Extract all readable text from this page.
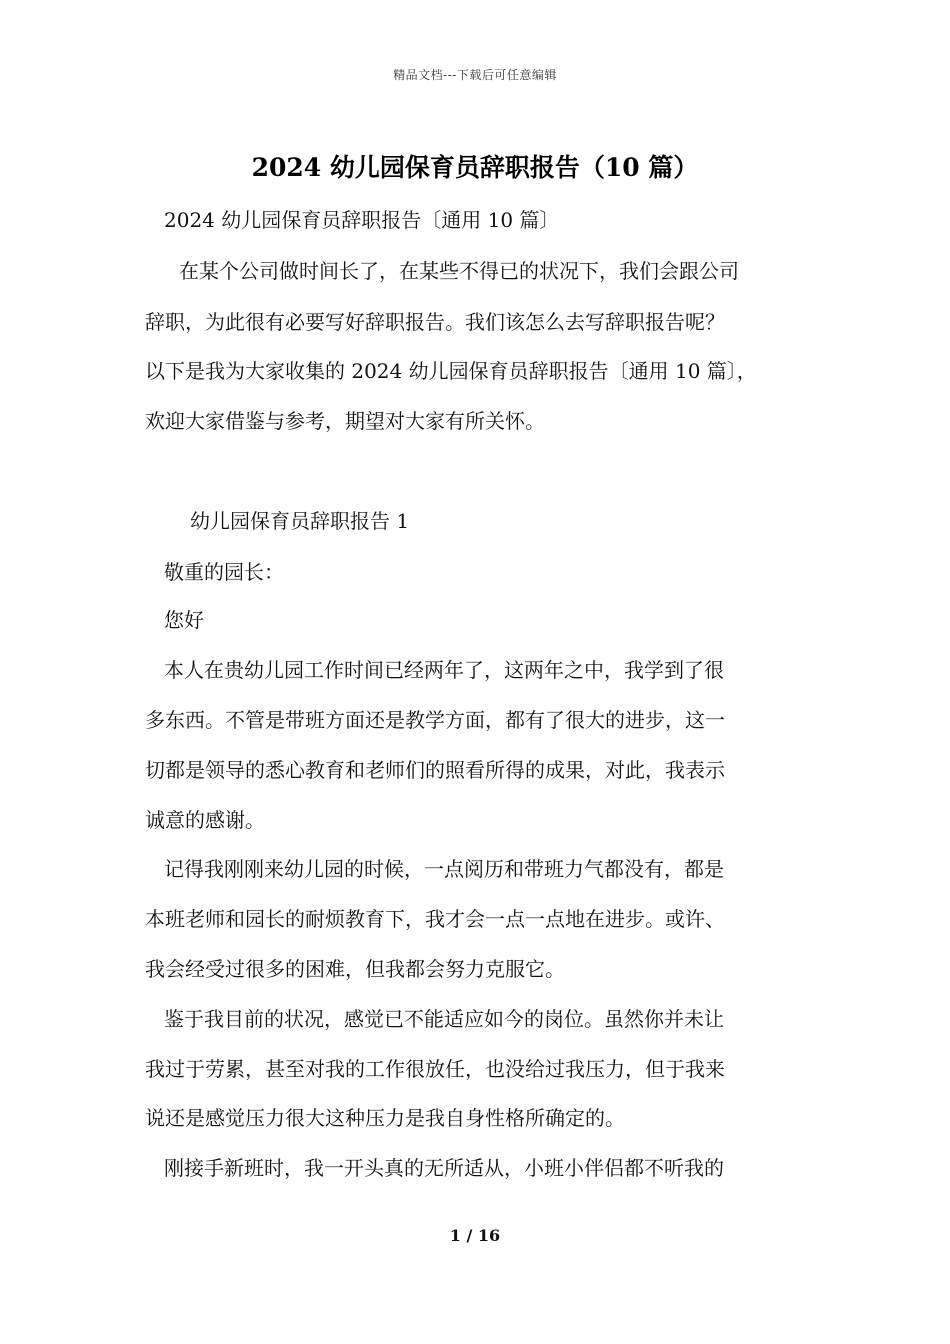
精品文档---下载后可任意编辑
2024 幼儿园保育员辞职报告（10 篇）
2024 幼儿园保育员辞职报告〔通用 10 篇〕
在某个公司做时间长了，在某些不得已的状况下，我们会跟公司
辞职，为此很有必要写好辞职报告。我们该怎么去写辞职报告呢？
以下是我为大家收集的 2024 幼儿园保育员辞职报告〔通用 10 篇〕，
欢迎大家借鉴与参考，期望对大家有所关怀。
幼儿园保育员辞职报告 1
敬重的园长：
您好
本人在贵幼儿园工作时间已经两年了，这两年之中，我学到了很
多东西。不管是带班方面还是教学方面，都有了很大的进步，这一
切都是领导的悉心教育和老师们的照看所得的成果，对此，我表示
诚意的感谢。
记得我刚刚来幼儿园的时候，一点阅历和带班力气都没有，都是
本班老师和园长的耐烦教育下，我才会一点一点地在进步。或许、
我会经受过很多的困难，但我都会努力克服它。
鉴于我目前的状况，感觉已不能适应如今的岗位。虽然你并未让
我过于劳累，甚至对我的工作很放任，也没给过我压力，但于我来
说还是感觉压力很大这种压力是我自身性格所确定的。
刚接手新班时，我一开头真的无所适从，小班小伴侣都不听我的
1 / 16
